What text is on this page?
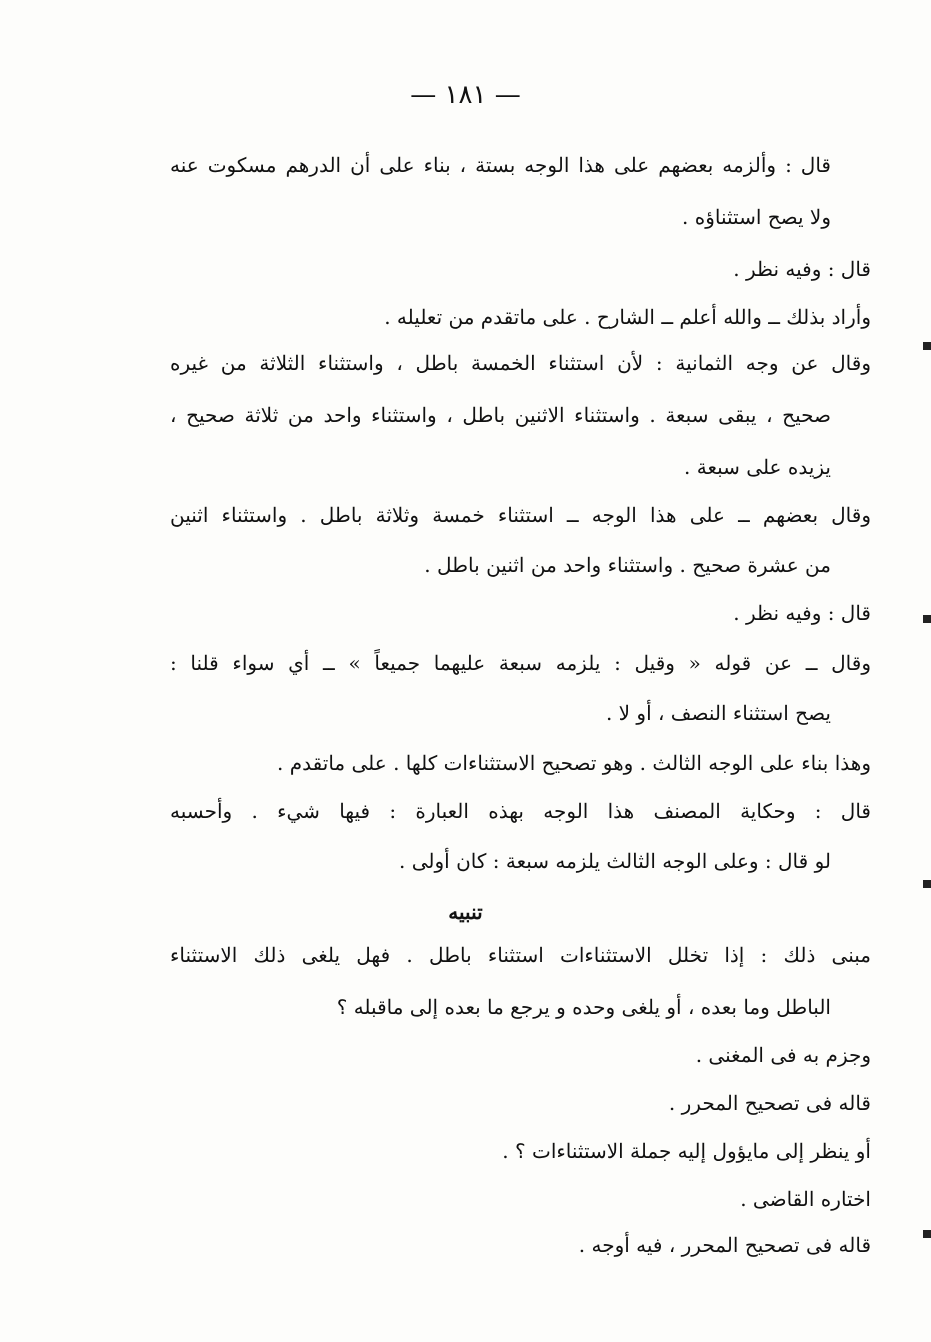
— ١٨١ —
قال : وألزمه بعضهم على هذا الوجه بستة ، بناء على أن الدرهم مسكوت عنه
ولا يصح استثناؤه .
قال : وفيه نظر .
وأراد بذلك ــ والله أعلم ــ الشارح . على ماتقدم من تعليله .
وقال عن وجه الثمانية : لأن استثناء الخمسة باطل ، واستثناء الثلاثة من غيره
صحيح ، يبقى سبعة . واستثناء الاثنين باطل ، واستثناء واحد من ثلاثة صحيح ،
يزيده على سبعة .
وقال بعضهم ــ على هذا الوجه ــ استثناء خمسة وثلاثة باطل . واستثناء اثنين
من عشرة صحيح . واستثناء واحد من اثنين باطل .
قال : وفيه نظر .
وقال ــ عن قوله « وقيل : يلزمه سبعة عليهما جميعاً » ــ أي سواء قلنا :
يصح استثناء النصف ، أو لا .
وهذا بناء على الوجه الثالث . وهو تصحيح الاستثناءات كلها . على ماتقدم .
قال : وحكاية المصنف هذا الوجه بهذه العبارة : فيها شيء . وأحسبه
لو قال : وعلى الوجه الثالث يلزمه سبعة : كان أولى .
تنبيه
مبنى ذلك : إذا تخلل الاستثناءات استثناء باطل . فهل يلغى ذلك الاستثناء
الباطل وما بعده ، أو يلغى وحده و يرجع ما بعده إلى ماقبله ؟
وجزم به فى المغنى .
قاله فى تصحيح المحرر .
أو ينظر إلى مايؤول إليه جملة الاستثناءات ؟ .
اختاره القاضى .
قاله فى تصحيح المحرر ، فيه أوجه .
